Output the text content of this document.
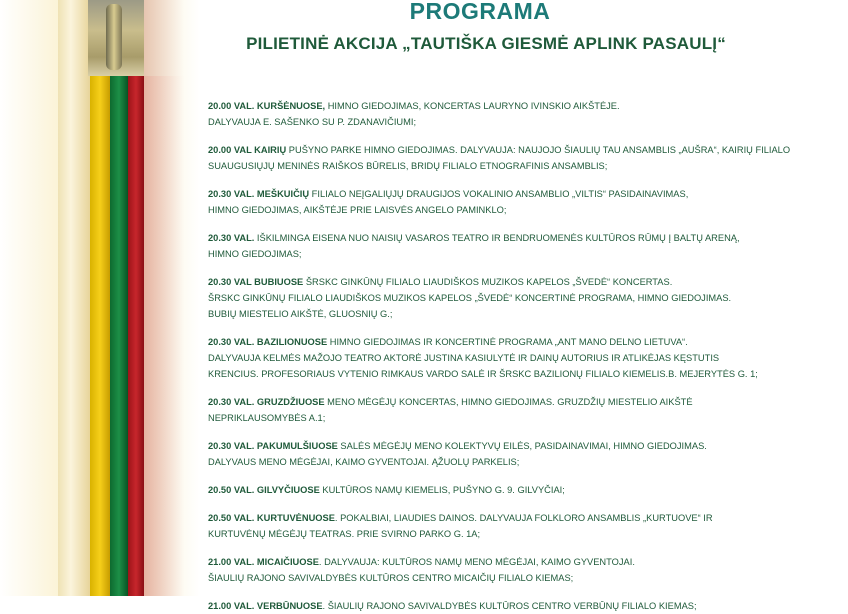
PROGRAMA
PILIETINĖ AKCIJA „TAUTIŠKA GIESMĖ APLINK PASAULĮ“
20.00 VAL. KURŠĖNUOSE, HIMNO GIEDOJIMAS, KONCERTAS LAURYNO IVINSKIO AIKŠTĖJE.
DALYVAUJA E. SAŠENKO SU P. ZDANAVIČIUMI;
20.00 VAL KAIRIŲ PUŠYNO PARKE HIMNO GIEDOJIMAS. DALYVAUJA: NAUJOJO ŠIAULIŲ TAU ANSAMBLIS „AUŠRA“, KAIRIŲ FILIALO
SUAUGUSIŲJŲ MENINĖS RAIŠKOS BŪRELIS, BRIDŲ FILIALO ETNOGRAFINIS ANSAMBLIS;
20.30 VAL. MEŠKUIČIŲ FILIALO NEĮGALIŲJŲ DRAUGIJOS VOKALINIO ANSAMBLIO „VILTIS“ PASIDAINAVIMAS,
HIMNO GIEDOJIMAS, AIKŠTĖJE PRIE LAISVĖS ANGELO PAMINKLO;
20.30 VAL. IŠKILMINGA EISENA NUO NAISIŲ VASAROS TEATRO IR BENDRUOMENĖS KULTŪROS RŪMŲ Į BALTŲ ARENĄ,
HIMNO GIEDOJIMAS;
20.30 VAL BUBIUOSE ŠRSKC GINKŪNŲ FILIALO LIAUDIŠKOS MUZIKOS KAPELOS „ŠVEDĖ“ KONCERTAS.
ŠRSKC GINKŪNŲ FILIALO LIAUDIŠKOS MUZIKOS KAPELOS „ŠVEDĖ“ KONCERTINĖ PROGRAMA, HIMNO GIEDOJIMAS.
BUBIŲ MIESTELIO AIKŠTĖ, GLUOSNIŲ G.;
20.30 VAL. BAZILIONUOSE HIMNO GIEDOJIMAS IR KONCERTINĖ PROGRAMA „ANT MANO DELNO LIETUVA“.
DALYVAUJA KELMĖS MAŽOJO TEATRO AKTORĖ JUSTINA KASIULYTĖ IR DAINŲ AUTORIUS IR ATLIKĖJAS KĘSTUTIS
KRENCIUS. PROFESORIAUS VYTENIO RIMKAUS VARDO SALĖ IR ŠRSKC BAZILIONŲ FILIALO KIEMELIS.B. MEJERYTĖS G. 1;
20.30 VAL. GRUZDŽIUOSE MENO MĖGĖJŲ KONCERTAS, HIMNO GIEDOJIMAS. GRUZDŽIŲ MIESTELIO AIKŠTĖ
NEPRIKLAUSOMYBĖS A.1;
20.30 VAL. PAKUMULŠIUOSE SALĖS MĖGĖJŲ MENO KOLEKTYVŲ EILĖS, PASIDAINAVIMAI, HIMNO GIEDOJIMAS.
DALYVAUS MENO MĖGĖJAI, KAIMO GYVENTOJAI. ĄŽUOLŲ PARKELIS;
20.50 VAL. GILVYČIUOSE KULTŪROS NAMŲ KIEMELIS, PUŠYNO G. 9. GILVYČIAI;
20.50 VAL. KURTUVĖNUOSE. POKALBIAI, LIAUDIES DAINOS. DALYVAUJA FOLKLORO ANSAMBLIS „KURTUOVE“ IR
KURTUVĖNŲ MĖGĖJŲ TEATRAS. PRIE SVIRNO PARKO G. 1A;
21.00 VAL. MICAIČIUOSE. DALYVAUJA: KULTŪROS NAMŲ MENO MĖGĖJAI, KAIMO GYVENTOJAI.
ŠIAULIŲ RAJONO SAVIVALDYBĖS KULTŪROS CENTRO MICAIČIŲ FILIALO KIEMAS;
21.00 VAL. VERBŪNUOSE. ŠIAULIŲ RAJONO SAVIVALDYBĖS KULTŪROS CENTRO VERBŪNŲ FILIALO KIEMAS;
